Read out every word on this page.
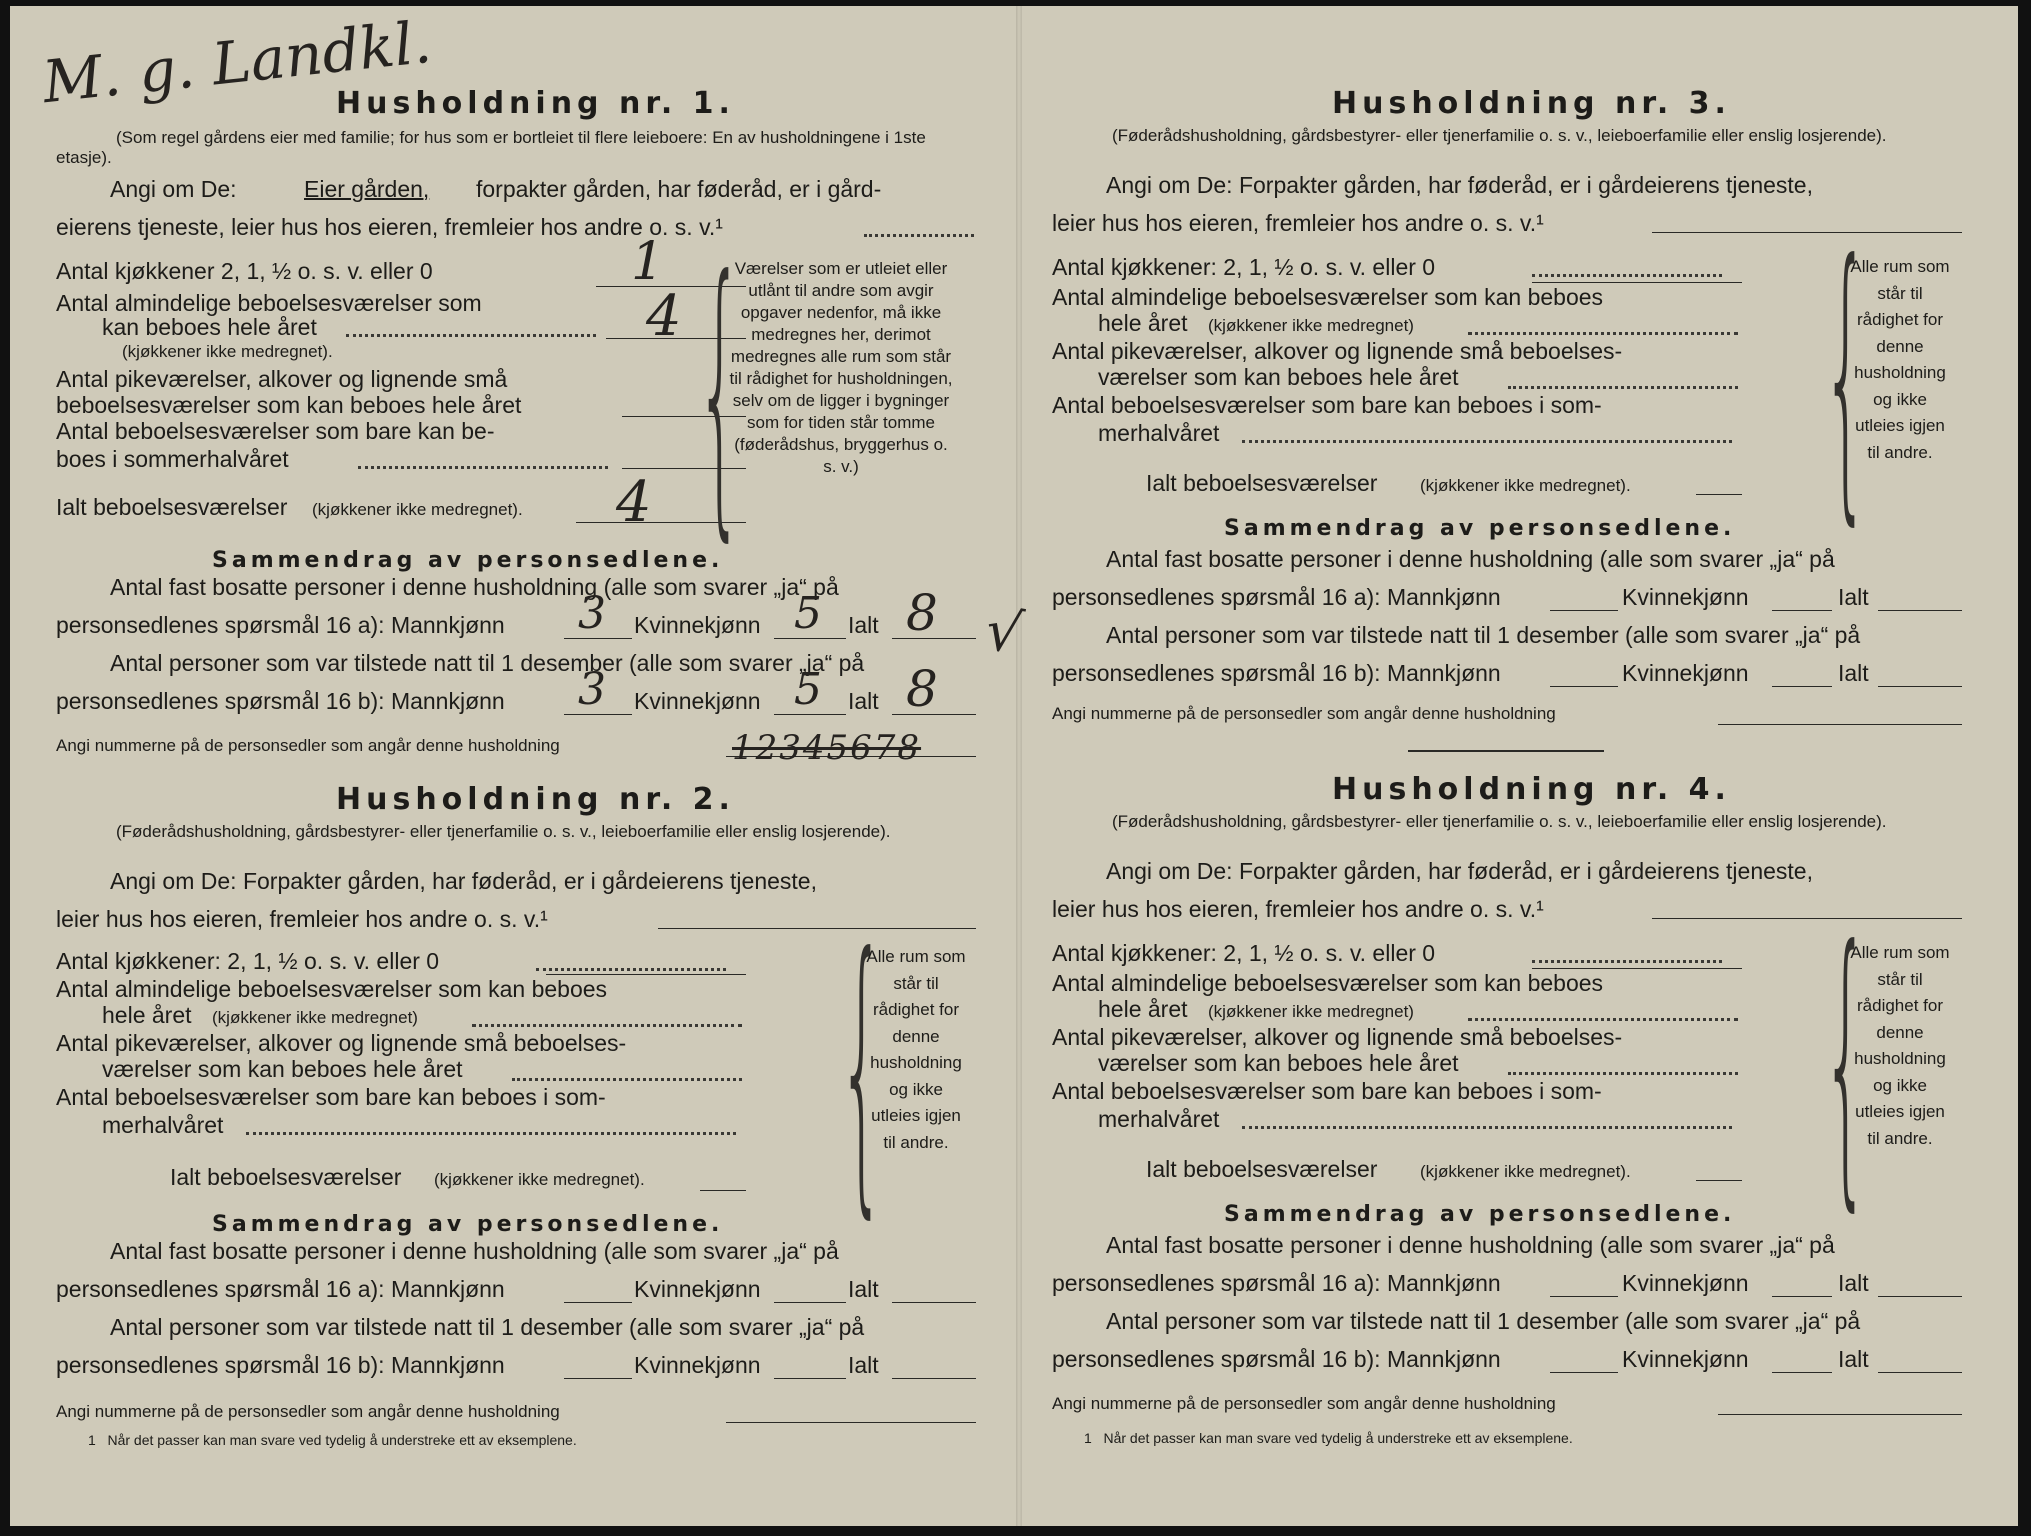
M. g. Landkl.
Husholdning nr. 1.
(Som regel gårdens eier med familie; for hus som er bortleiet til flere leieboere: En av husholdningene i 1ste etasje).
Angi om De:	Eier gården, forpakter gården, har føderåd, er i gård-
eierens tjeneste, leier hus hos eieren, fremleier hos andre o. s. v.¹
Antal kjøkkener 2, 1, ½ o. s. v. eller 0	1
Antal almindelige beboelsesværelser som
kan beboes hele året
(kjøkkener ikke medregnet).
4
Antal pikeværelser, alkover og lignende små
beboelsesværelser som kan beboes hele året
Antal beboelsesværelser som bare kan be-
boes i sommerhalvåret
Ialt beboelsesværelser (kjøkkener ikke medregnet). 4 {
Værelser som er utleiet eller utlånt til andre som avgir opgaver nedenfor, må ikke medregnes her, derimot medregnes alle rum som står til rådighet for husholdningen, selv om de ligger i bygninger som for tiden står tomme (føderådshus, bryggerhus o. s. v.)
Sammendrag av personsedlene.
Antal fast bosatte personer i denne husholdning (alle som svarer „ja“ på
personsedlenes spørsmål 16 a): Mannkjønn 3 Kvinnekjønn 5 Ialt 8 √
Antal personer som var tilstede natt til 1 desember (alle som svarer „ja“ på
personsedlenes spørsmål 16 b): Mannkjønn 3 Kvinnekjønn 5 Ialt 8
Angi nummerne på de personsedler som angår denne husholdning	12345678
Husholdning nr. 2.
(Føderådshusholdning, gårdsbestyrer- eller tjenerfamilie o. s. v., leieboerfamilie eller enslig losjerende).
Angi om De: Forpakter gården, har føderåd, er i gårdeierens tjeneste,
leier hus hos eieren, fremleier hos andre o. s. v.¹
Antal kjøkkener: 2, 1, ½ o. s. v. eller 0
Antal almindelige beboelsesværelser som kan beboes
hele året (kjøkkener ikke medregnet)
Antal pikeværelser, alkover og lignende små beboelses-
værelser som kan beboes hele året
Antal beboelsesværelser som bare kan beboes i som-
merhalvåret
Ialt beboelsesværelser (kjøkkener ikke medregnet). {
Alle rum som står til rådighet for denne husholdning og ikke utleies igjen til andre.
Sammendrag av personsedlene.
Antal fast bosatte personer i denne husholdning (alle som svarer „ja“ på
personsedlenes spørsmål 16 a): Mannkjønn	Kvinnekjønn	Ialt
Antal personer som var tilstede natt til 1 desember (alle som svarer „ja“ på
personsedlenes spørsmål 16 b): Mannkjønn	Kvinnekjønn	Ialt
Angi nummerne på de personsedler som angår denne husholdning
1 Når det passer kan man svare ved tydelig å understreke ett av eksemplene.
Husholdning nr. 3.
(Føderådshusholdning, gårdsbestyrer- eller tjenerfamilie o. s. v., leieboerfamilie eller enslig losjerende).
Angi om De: Forpakter gården, har føderåd, er i gårdeierens tjeneste,
leier hus hos eieren, fremleier hos andre o. s. v.¹
Antal kjøkkener: 2, 1, ½ o. s. v. eller 0
Antal almindelige beboelsesværelser som kan beboes
hele året (kjøkkener ikke medregnet)
Antal pikeværelser, alkover og lignende små beboelses-
værelser som kan beboes hele året
Antal beboelsesværelser som bare kan beboes i som-
merhalvåret
Ialt beboelsesværelser	(kjøkkener ikke medregnet). {
Alle rum som står til rådighet for denne husholdning og ikke utleies igjen til andre.
Sammendrag av personsedlene.
Antal fast bosatte personer i denne husholdning (alle som svarer „ja“ på
personsedlenes spørsmål 16 a): Mannkjønn	Kvinnekjønn	Ialt
Antal personer som var tilstede natt til 1 desember (alle som svarer „ja“ på
personsedlenes spørsmål 16 b): Mannkjønn	Kvinnekjønn	Ialt
Angi nummerne på de personsedler som angår denne husholdning
Husholdning nr. 4.
(Føderådshusholdning, gårdsbestyrer- eller tjenerfamilie o. s. v., leieboerfamilie eller enslig losjerende).
Angi om De: Forpakter gården, har føderåd, er i gårdeierens tjeneste,
leier hus hos eieren, fremleier hos andre o. s. v.¹
Antal kjøkkener: 2, 1, ½ o. s. v. eller 0
Antal almindelige beboelsesværelser som kan beboes
hele året (kjøkkener ikke medregnet)
Antal pikeværelser, alkover og lignende små beboelses-
værelser som kan beboes hele året
Antal beboelsesværelser som bare kan beboes i som-
merhalvåret
Ialt beboelsesværelser	(kjøkkener ikke medregnet). {
Alle rum som står til rådighet for denne husholdning og ikke utleies igjen til andre.
Sammendrag av personsedlene.
Antal fast bosatte personer i denne husholdning (alle som svarer „ja“ på
personsedlenes spørsmål 16 a): Mannkjønn	Kvinnekjønn	Ialt
Antal personer som var tilstede natt til 1 desember (alle som svarer „ja“ på
personsedlenes spørsmål 16 b): Mannkjønn	Kvinnekjønn	Ialt
Angi nummerne på de personsedler som angår denne husholdning
1 Når det passer kan man svare ved tydelig å understreke ett av eksemplene.
